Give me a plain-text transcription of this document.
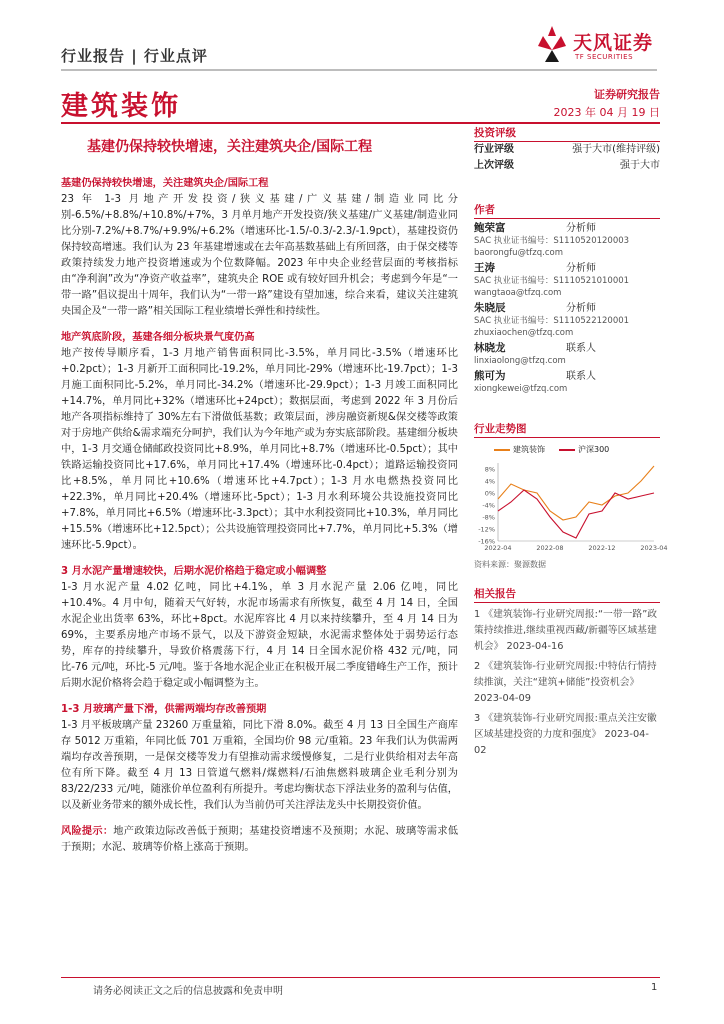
行业报告 | 行业点评
天风证券
TF SECURITIES
建筑装饰	证券研究报告
2023 年 04 月 19 日
基建仍保持较快增速，关注建筑央企/国际工程
基建仍保持较快增速，关注建筑央企/国际工程

23 年 1-3 月地产开发投资/狭义基建/广义基建/制造业同比分别-6.5%/+8.8%/+10.8%/+7%，3 月单月地产开发投资/狭义基建/广义基建/制造业同比分别-7.2%/+8.7%/+9.9%/+6.2%（增速环比-1.5/-0.3/-2.3/-1.9pct），基建投资仍保持较高增速。我们认为 23 年基建增速或在去年高基数基础上有所回落，由于保交楼等政策持续发力地产投资增速或为个位数降幅。2023 年中央企业经营层面的考核指标由“净利润”改为“净资产收益率”，建筑央企 ROE 或有较好回升机会；考虑到今年是“一带一路”倡议提出十周年，我们认为“一带一路”建设有望加速，综合来看，建议关注建筑央国企及“一带一路”相关国际工程业绩增长弹性和持续性。

地产筑底阶段，基建各细分板块景气度仍高

地产按传导顺序看，1-3 月地产销售面积同比-3.5%，单月同比-3.5%（增速环比+0.2pct）；1-3 月新开工面积同比-19.2%，单月同比-29%（增速环比-19.7pct）；1-3 月施工面积同比-5.2%，单月同比-34.2%（增速环比-29.9pct）；1-3 月竣工面积同比+14.7%，单月同比+32%（增速环比+24pct）；数据层面，考虑到 2022 年 3 月份后地产各项指标维持了 30%左右下滑做低基数；政策层面，涉房融资新规&保交楼等政策对于房地产供给&需求端充分呵护，我们认为今年地产或为夯实底部阶段。基建细分板块中，1-3 月交通仓储邮政投资同比+8.9%，单月同比+8.7%（增速环比-0.5pct）；其中铁路运输投资同比+17.6%，单月同比+17.4%（增速环比-0.4pct）；道路运输投资同比+8.5%，单月同比+10.6%（增速环比+4.7pct）；1-3 月水电燃热投资同比+22.3%，单月同比+20.4%（增速环比-5pct）；1-3 月水利环境公共设施投资同比+7.8%，单月同比+6.5%（增速环比-3.3pct）；其中水利投资同比+10.3%，单月同比+15.5%（增速环比+12.5pct）；公共设施管理投资同比+7.7%，单月同比+5.3%（增速环比-5.9pct）。

3 月水泥产量增速较快，后期水泥价格趋于稳定或小幅调整

1-3 月水泥产量 4.02 亿吨，同比+4.1%，单 3 月水泥产量 2.06 亿吨，同比+10.4%。4 月中旬，随着天气好转，水泥市场需求有所恢复，截至 4 月 14 日，全国水泥企业出货率 63%，环比+8pct。水泥库容比 4 月以来持续攀升，至 4 月 14 日为 69%，主要系房地产市场不景气，以及下游资金短缺，水泥需求整体处于弱势运行态势，库存的持续攀升，导致价格震荡下行，4 月 14 日全国水泥价格 432 元/吨，同比-76 元/吨，环比-5 元/吨。鉴于各地水泥企业正在积极开展二季度错峰生产工作，预计后期水泥价格将会趋于稳定或小幅调整为主。

1-3 月玻璃产量下滑，供需两端均存改善预期

1-3 月平板玻璃产量 23260 万重量箱，同比下滑 8.0%。截至 4 月 13 日全国生产商库存 5012 万重箱，年同比低 701 万重箱，全国均价 98 元/重箱。23 年我们认为供需两端均存改善预期，一是保交楼等发力有望推动需求缓慢修复，二是行业供给相对去年高位有所下降。截至 4 月 13 日管道气燃料/煤燃料/石油焦燃料玻璃企业毛利分别为 83/22/233 元/吨，随涨价单位盈利有所提升。考虑均衡状态下浮法业务的盈利与估值，以及新业务带来的额外成长性，我们认为当前仍可关注浮法龙头中长期投资价值。

风险提示：地产政策边际改善低于预期；基建投资增速不及预期；水泥、玻璃等需求低于预期；水泥、玻璃等价格上涨高于预期。

投资评级
行业评级	强于大市(维持评级)
上次评级	强于大市
作者
鲍荣富	分析师
SAC 执业证书编号：S1110520120003
baorongfu@tfzq.com
王涛	分析师
SAC 执业证书编号：S1110521010001
wangtaoa@tfzq.com
朱晓辰	分析师
SAC 执业证书编号：S1110522120001
zhuxiaochen@tfzq.com
林晓龙	联系人
linxiaolong@tfzq.com
熊可为	联系人
xiongkewei@tfzq.com
行业走势图
建筑装饰	沪深300
8%
4%
0%
-4%
-8%
-12%
-16%
2022-04	2022-08	2022-12	2023-04
资料来源：聚源数据
相关报告
1 《建筑装饰-行业研究周报:“一带一路”政策持续推进,继续重视西藏/新疆等区域基建机会》 2023-04-16
2 《建筑装饰-行业研究周报:中特估行情持续推演，关注“建筑+储能”投资机会》 2023-04-09
3 《建筑装饰-行业研究周报:重点关注安徽区域基建投资的力度和强度》 2023-04-02
请务必阅读正文之后的信息披露和免责申明	1
